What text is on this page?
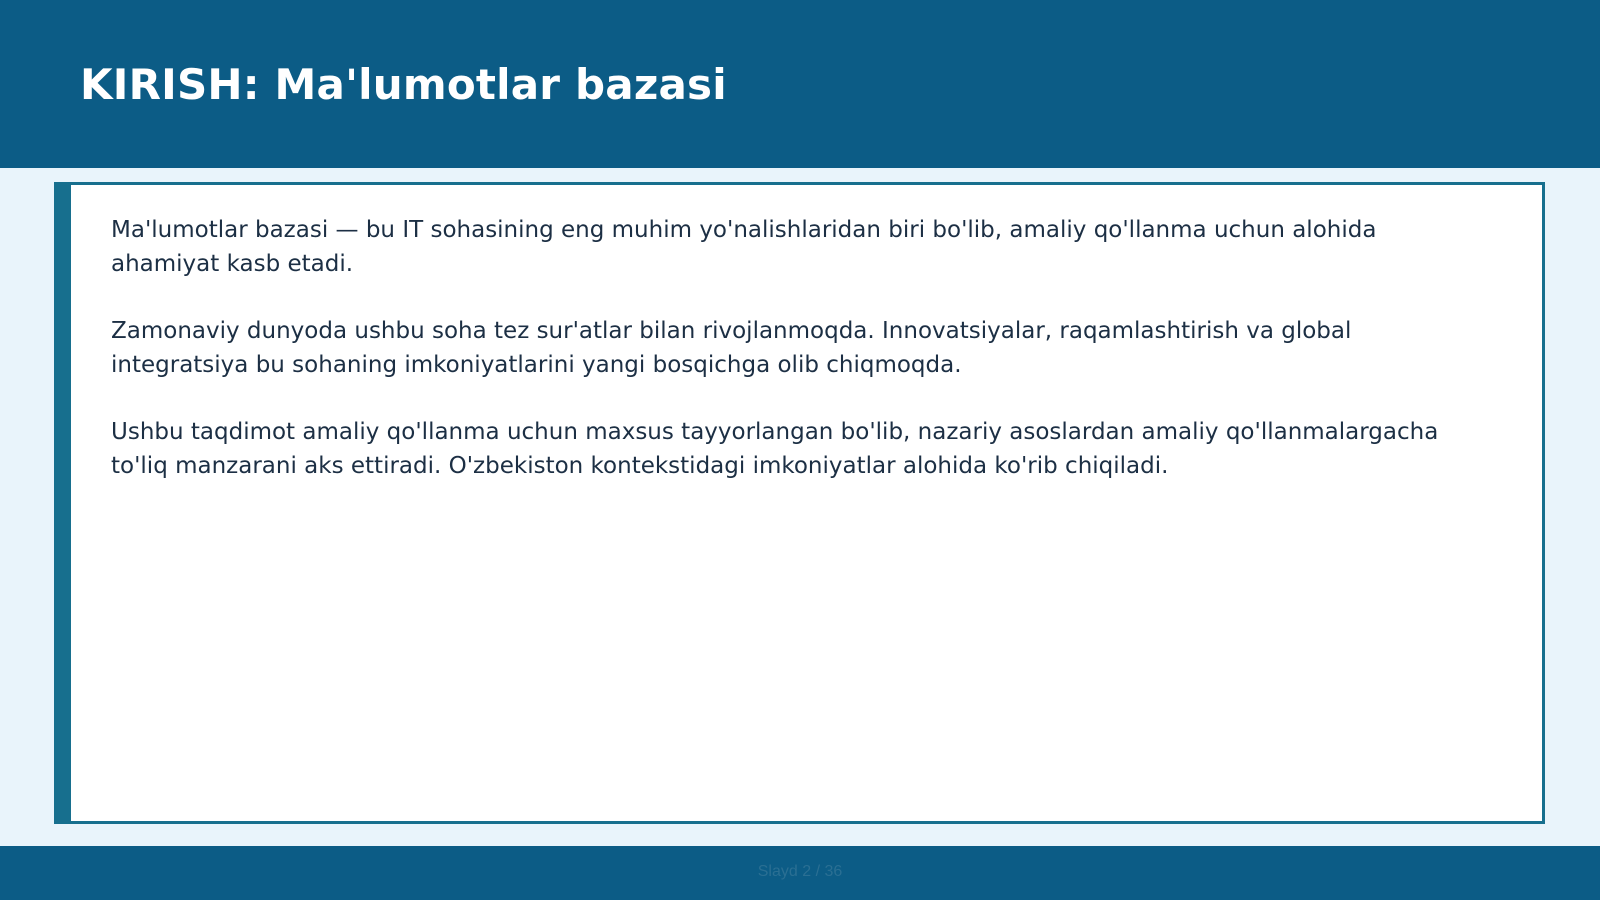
KIRISH: Ma'lumotlar bazasi

Ma'lumotlar bazasi — bu IT sohasining eng muhim yo'nalishlaridan biri bo'lib, amaliy qo'llanma uchun alohida ahamiyat kasb etadi.

Zamonaviy dunyoda ushbu soha tez sur'atlar bilan rivojlanmoqda. Innovatsiyalar, raqamlashtirish va global integratsiya bu sohaning imkoniyatlarini yangi bosqichga olib chiqmoqda.

Ushbu taqdimot amaliy qo'llanma uchun maxsus tayyorlangan bo'lib, nazariy asoslardan amaliy qo'llanmalargacha to'liq manzarani aks ettiradi. O'zbekiston kontekstidagi imkoniyatlar alohida ko'rib chiqiladi.

Slayd 2 / 36
